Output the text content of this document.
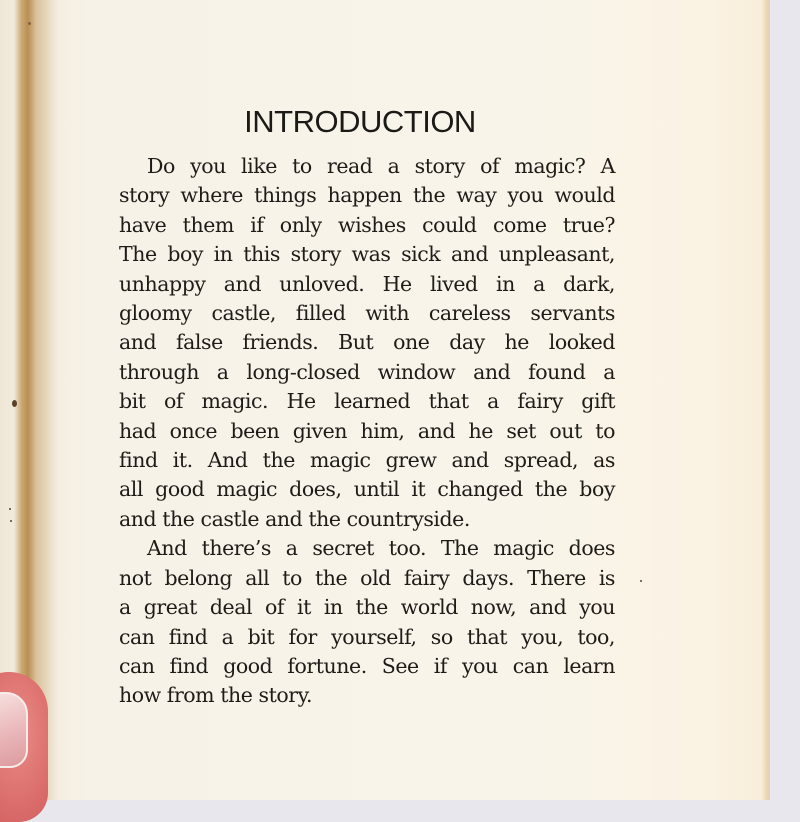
INTRODUCTION
Do you like to read a story of magic? A
story where things happen the way you would
have them if only wishes could come true?
The boy in this story was sick and unpleasant,
unhappy and unloved. He lived in a dark,
gloomy castle, filled with careless servants
and false friends. But one day he looked
through a long-closed window and found a
bit of magic. He learned that a fairy gift
had once been given him, and he set out to
find it. And the magic grew and spread, as
all good magic does, until it changed the boy
and the castle and the countryside.
And there’s a secret too. The magic does
not belong all to the old fairy days. There is
a great deal of it in the world now, and you
can find a bit for yourself, so that you, too,
can find good fortune. See if you can learn
how from the story.
